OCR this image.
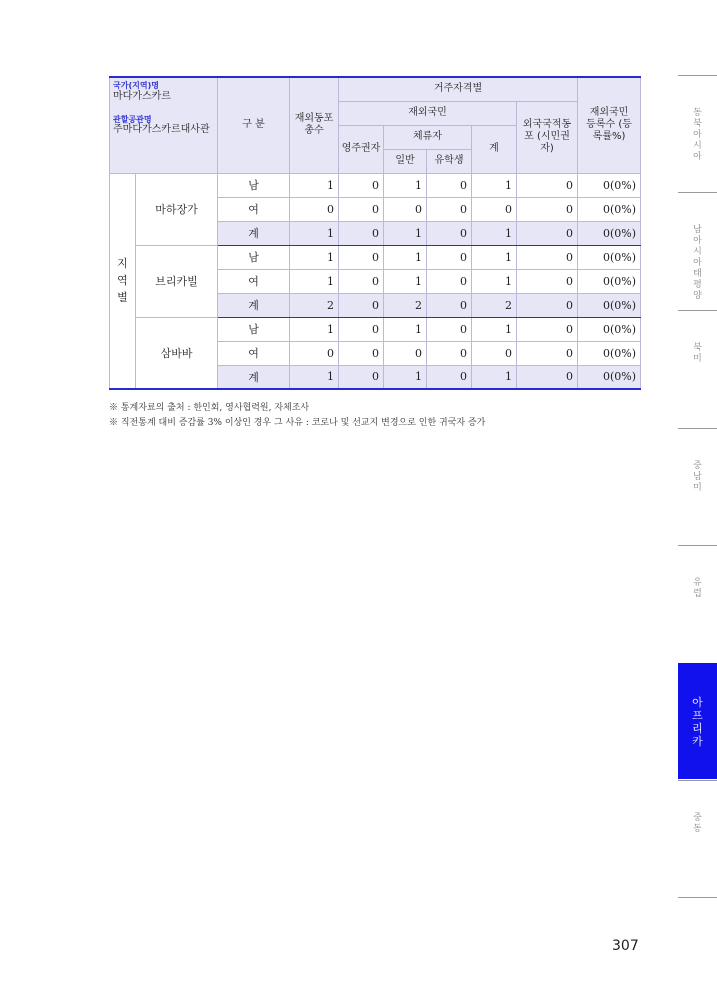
국가(지역)명
마다가스카르
관할공관명
주마다가스카르대사관		구 분	재외동포 총수	거주자격별					재외국민 등록수 (등록률%)
				재외국민				외국국적동포 (시민권자)	
				영주권자	체류자		계		
					일반	유학생			

지
역
별	마하장가	남	1	0	1	0	1	0	0(0%)
		여	0	0	0	0	0	0	0(0%)
		계	1	0	1	0	1	0	0(0%)
	브리카빌	남	1	0	1	0	1	0	0(0%)
		여	1	0	1	0	1	0	0(0%)
		계	2	0	2	0	2	0	0(0%)
	삼바바	남	1	0	1	0	1	0	0(0%)
		여	0	0	0	0	0	0	0(0%)
		계	1	0	1	0	1	0	0(0%)
※ 통계자료의 출처 : 한인회, 영사협력원, 자체조사
※ 직전통계 대비 증감률 3% 이상인 경우 그 사유 : 코로나 및 선교지 변경으로 인한 귀국자 증가
동북아시아
남아시아태평양
북미
중남미
유럽
아프리카
중동
307
